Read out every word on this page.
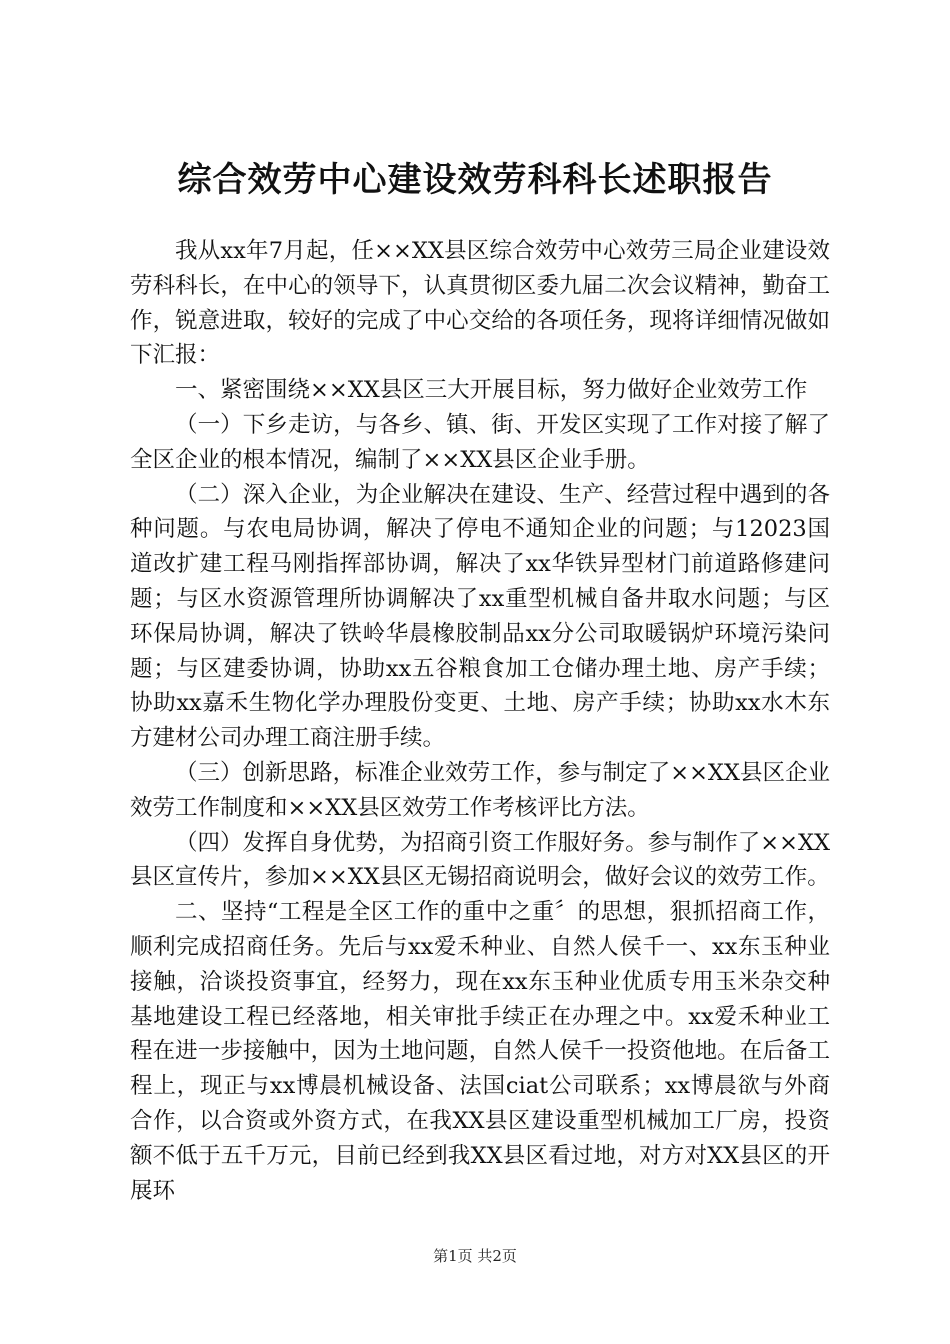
综合效劳中心建设效劳科科长述职报告

我从xx年7月起，任××XX县区综合效劳中心效劳三局企业建设效劳科科长，在中心的领导下，认真贯彻区委九届二次会议精神，勤奋工作，锐意进取，较好的完成了中心交给的各项任务，现将详细情况做如下汇报：

一、紧密围绕××XX县区三大开展目标，努力做好企业效劳工作

（一）下乡走访，与各乡、镇、街、开发区实现了工作对接了解了全区企业的根本情况，编制了××XX县区企业手册。

（二）深入企业，为企业解决在建设、生产、经营过程中遇到的各种问题。与农电局协调，解决了停电不通知企业的问题；与12023国道改扩建工程马刚指挥部协调，解决了xx华铁异型材门前道路修建问题；与区水资源管理所协调解决了xx重型机械自备井取水问题；与区环保局协调，解决了铁岭华晨橡胶制品xx分公司取暖锅炉环境污染问题；与区建委协调，协助xx五谷粮食加工仓储办理土地、房产手续；协助xx嘉禾生物化学办理股份变更、土地、房产手续；协助xx水木东方建材公司办理工商注册手续。

（三）创新思路，标准企业效劳工作，参与制定了××XX县区企业效劳工作制度和××XX县区效劳工作考核评比方法。

（四）发挥自身优势，为招商引资工作服好务。参与制作了××XX县区宣传片，参加××XX县区无锡招商说明会，做好会议的效劳工作。

二、坚持“工程是全区工作的重中之重〞的思想，狠抓招商工作，顺利完成招商任务。先后与xx爱禾种业、自然人侯千一、xx东玉种业接触，洽谈投资事宜，经努力，现在xx东玉种业优质专用玉米杂交种基地建设工程已经落地，相关审批手续正在办理之中。xx爱禾种业工程在进一步接触中，因为土地问题，自然人侯千一投资他地。在后备工程上，现正与xx博晨机械设备、法国ciat公司联系；xx博晨欲与外商合作，以合资或外资方式，在我XX县区建设重型机械加工厂房，投资额不低于五千万元，目前已经到我XX县区看过地，对方对XX县区的开展环

第1页 共2页
